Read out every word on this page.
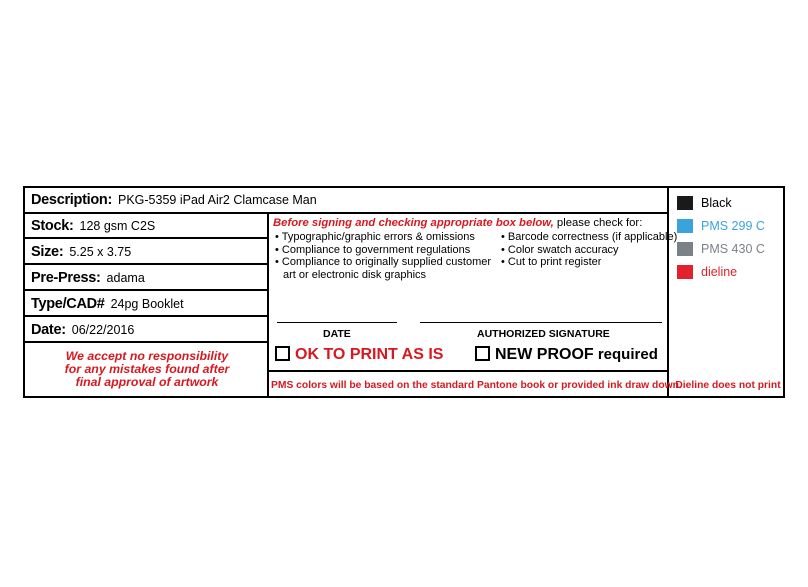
Description: PKG-5359 iPad Air2 Clamcase Man
Stock: 128 gsm C2S
Size: 5.25 x 3.75
Pre-Press: adama
Type/CAD# 24pg Booklet
Date: 06/22/2016
We accept no responsibility
for any mistakes found after
final approval of artwork
Before signing and checking appropriate box below, please check for:
• Typographic/graphic errors & omissions
• Compliance to government regulations
• Compliance to originally supplied customer
art or electronic disk graphics
• Barcode correctness (if applicable)
• Color swatch accuracy
• Cut to print register
DATE	AUTHORIZED SIGNATURE
OK TO PRINT AS IS	NEW PROOF required
PMS colors will be based on the standard Pantone book or provided ink draw down.
Black
PMS 299 C
PMS 430 C
dieline
Dieline does not print
